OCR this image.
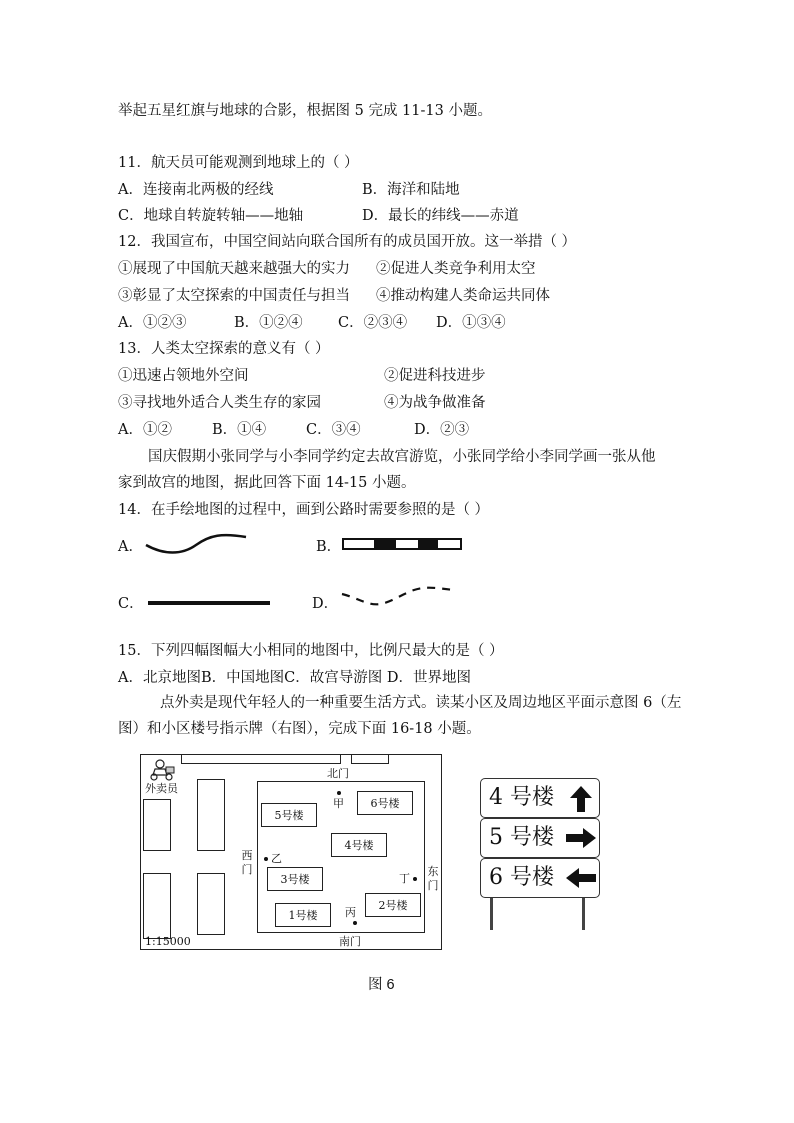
举起五星红旗与地球的合影，根据图 5 完成 11-13 小题。
11．航天员可能观测到地球上的（ ）
A．连接南北两极的经线	B．海洋和陆地
C．地球自转旋转轴——地轴	D．最长的纬线——赤道
12．我国宣布，中国空间站向联合国所有的成员国开放。这一举措（ ）
①展现了中国航天越来越强大的实力 ②促进人类竞争利用太空
③彰显了太空探索的中国责任与担当 ④推动构建人类命运共同体
A．①②③	B．①②④ C．②③④ D．①③④
13．人类太空探索的意义有（ ）
①迅速占领地外空间	②促进科技进步
③寻找地外适合人类生存的家园	④为战争做准备
A．①②	B．①④	C．③④	D．②③
国庆假期小张同学与小李同学约定去故宫游览，小张同学给小李同学画一张从他
家到故宫的地图，据此回答下面 14-15 小题。
14．在手绘地图的过程中，画到公路时需要参照的是（ ）
A．	B．
C．	D．
15．下列四幅图幅大小相同的地图中，比例尺最大的是（ ）
A．北京地图B．中国地图C．故宫导游图 D．世界地图
点外卖是现代年轻人的一种重要生活方式。读某小区及周边地区平面示意图 6（左
图）和小区楼号指示牌（右图），完成下面 16-18 小题。
外卖员
北门
南门
西
门	东
门
5号楼
6号楼
4号楼
3号楼
1号楼
2号楼
甲
乙
丁
丙
1:15000
4 号楼
5 号楼
6 号楼
图 6
